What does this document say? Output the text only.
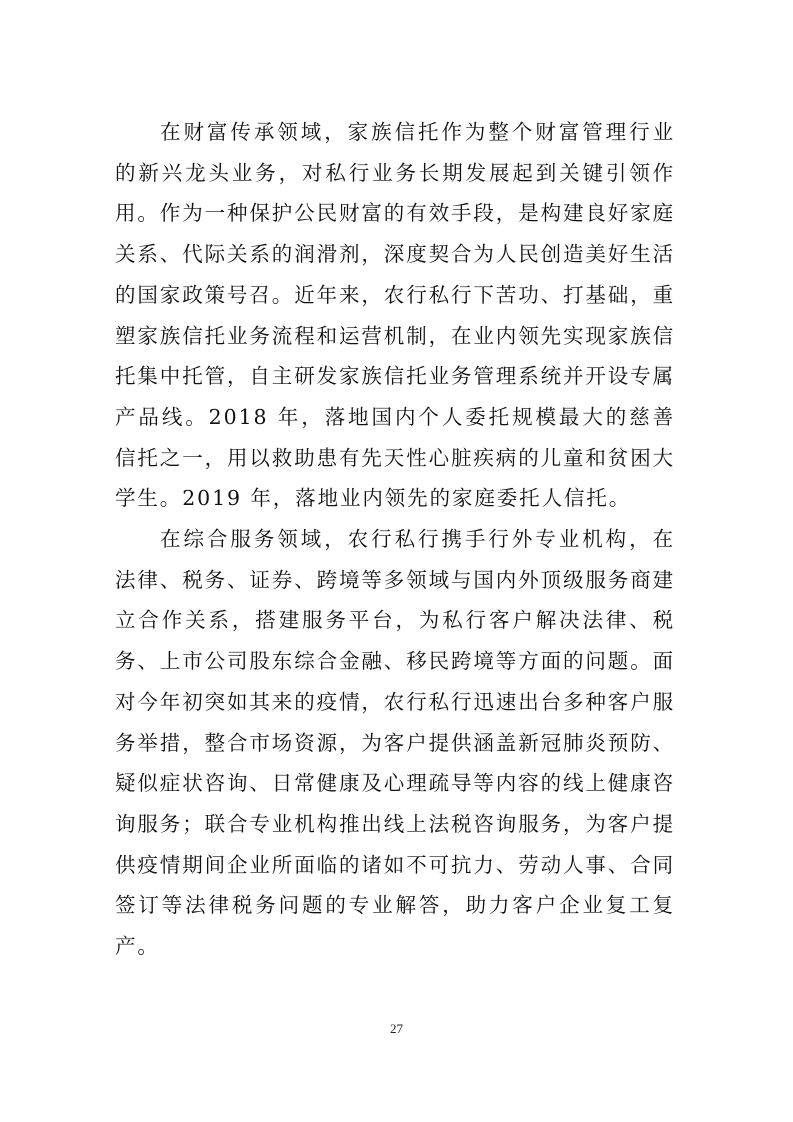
在财富传承领域，家族信托作为整个财富管理行业的新兴龙头业务，对私行业务长期发展起到关键引领作用。作为一种保护公民财富的有效手段，是构建良好家庭关系、代际关系的润滑剂，深度契合为人民创造美好生活的国家政策号召。近年来，农行私行下苦功、打基础，重塑家族信托业务流程和运营机制，在业内领先实现家族信托集中托管，自主研发家族信托业务管理系统并开设专属产品线。2018 年，落地国内个人委托规模最大的慈善信托之一，用以救助患有先天性心脏疾病的儿童和贫困大学生。2019 年，落地业内领先的家庭委托人信托。

在综合服务领域，农行私行携手行外专业机构，在法律、税务、证券、跨境等多领域与国内外顶级服务商建立合作关系，搭建服务平台，为私行客户解决法律、税务、上市公司股东综合金融、移民跨境等方面的问题。面对今年初突如其来的疫情，农行私行迅速出台多种客户服务举措，整合市场资源，为客户提供涵盖新冠肺炎预防、疑似症状咨询、日常健康及心理疏导等内容的线上健康咨询服务；联合专业机构推出线上法税咨询服务，为客户提供疫情期间企业所面临的诸如不可抗力、劳动人事、合同签订等法律税务问题的专业解答，助力客户企业复工复产。

27
